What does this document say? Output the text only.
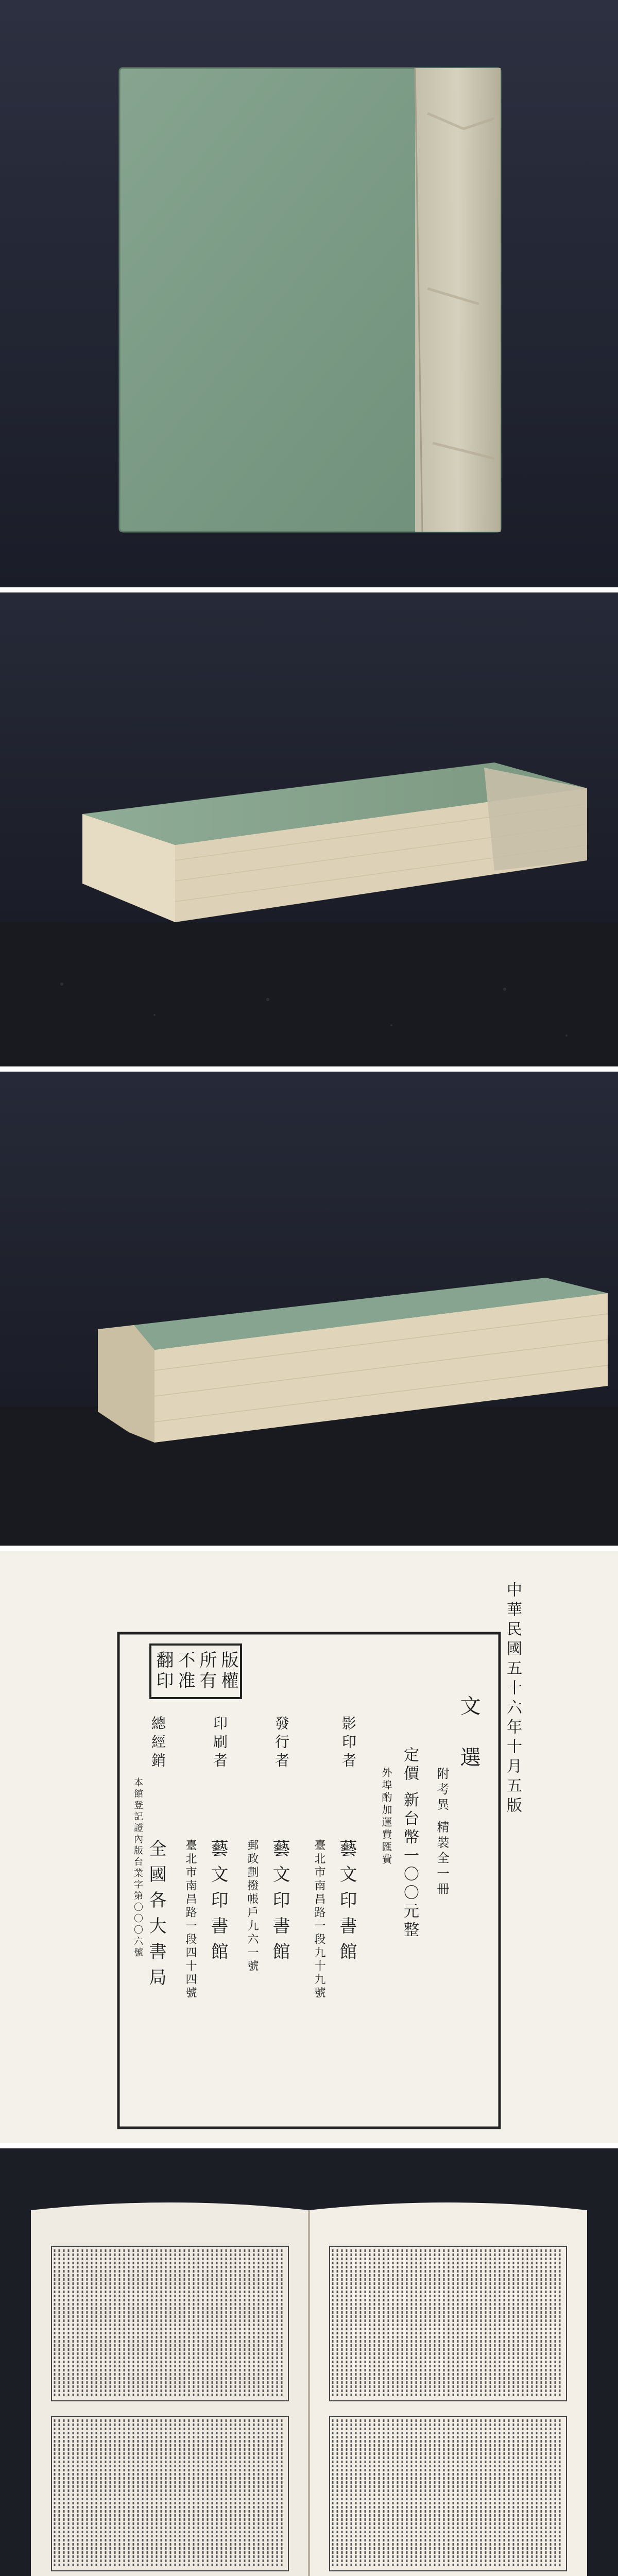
中華民國五十六年十月五版
文選
附考異 精裝全一冊
定價 新台幣一〇〇元整
外埠酌加運費匯費
影印者
藝文印書館
臺北市南昌路一段九十九號
發行者
藝文印書館
郵政劃撥帳戶九六一號
印刷者
藝文印書館
臺北市南昌路一段四十四號
總經銷
全國各大書局
版權
所有
不准
翻印
本館登記證內版台業字第〇〇〇六號
